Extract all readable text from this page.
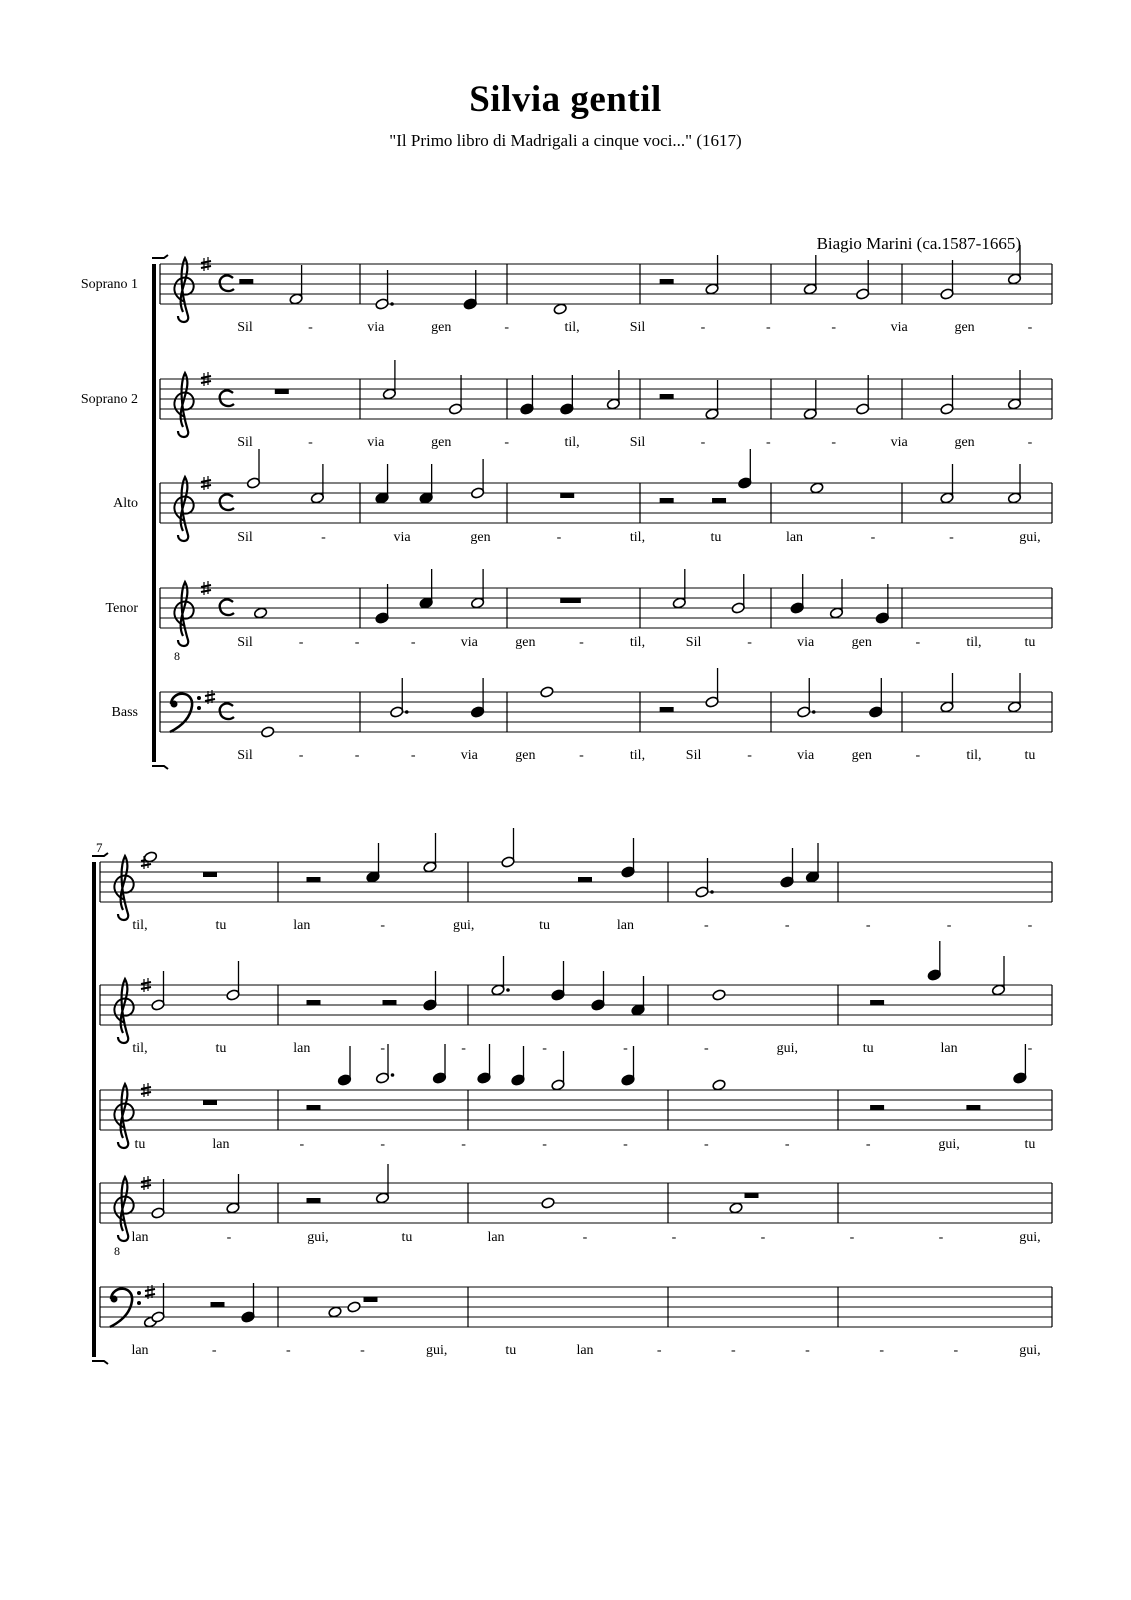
Silvia gentil
"Il Primo libro di Madrigali a cinque voci..." (1617)
Biagio Marini (ca.1587-1665)
Soprano 1
Sil	-	via	gen	-	til,	Sil	-	-	-	via	gen	-
Soprano 2
Sil	-	via	gen	-	til,	Sil	-	-	-	via	gen	-
Alto
Sil	-	via	gen	-	til,	tu	lan	-	-	gui,
Tenor
8
Sil	-	-	-	via	gen	-	til,	Sil	-	via	gen	-	til,	tu
Bass
Sil	-	-	-	via	gen	-	til,	Sil	-	via	gen	-	til,	tu
7
til,	tu	lan	-	gui,	tu	lan	-	-	-	-	-
til,	tu	lan	-	-	-	-	-	gui,	tu	lan	-
tu	lan	-	-	-	-	-	-	-	-	gui,	tu
8
lan	-	gui,	tu	lan	-	-	-	-	-	gui,
lan	-	-	-	gui,	tu	lan	-	-	-	-	-	gui,
